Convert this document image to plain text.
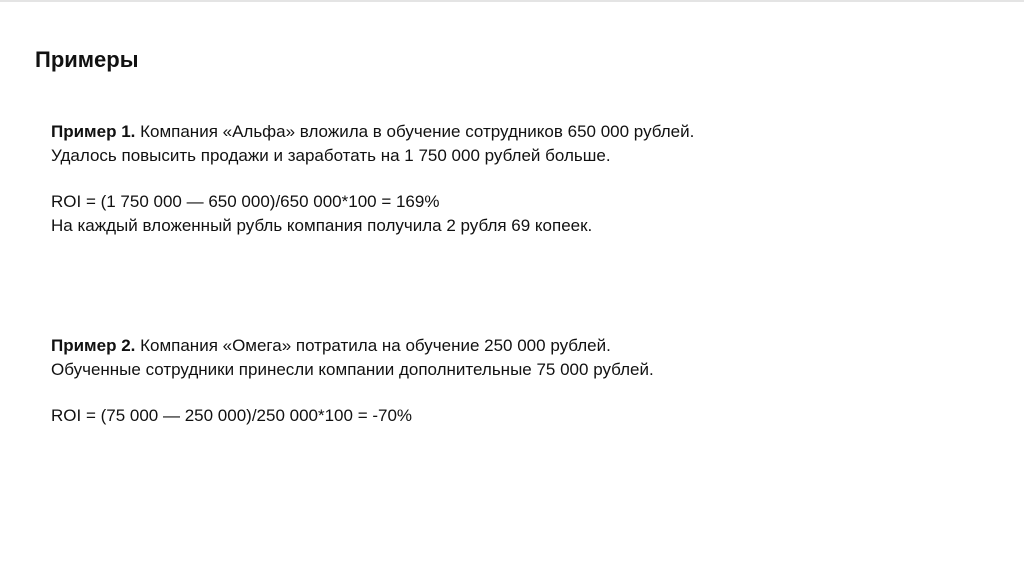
Примеры
Пример 1. Компания «Альфа» вложила в обучение сотрудников 650 000 рублей.
Удалось повысить продажи и заработать на 1 750 000 рублей больше.
ROI = (1 750 000 — 650 000)/650 000*100 = 169%
На каждый вложенный рубль компания получила 2 рубля 69 копеек.
Пример 2. Компания «Омега» потратила на обучение 250 000 рублей.
Обученные сотрудники принесли компании дополнительные 75 000 рублей.
ROI = (75 000 — 250 000)/250 000*100 = -70%
